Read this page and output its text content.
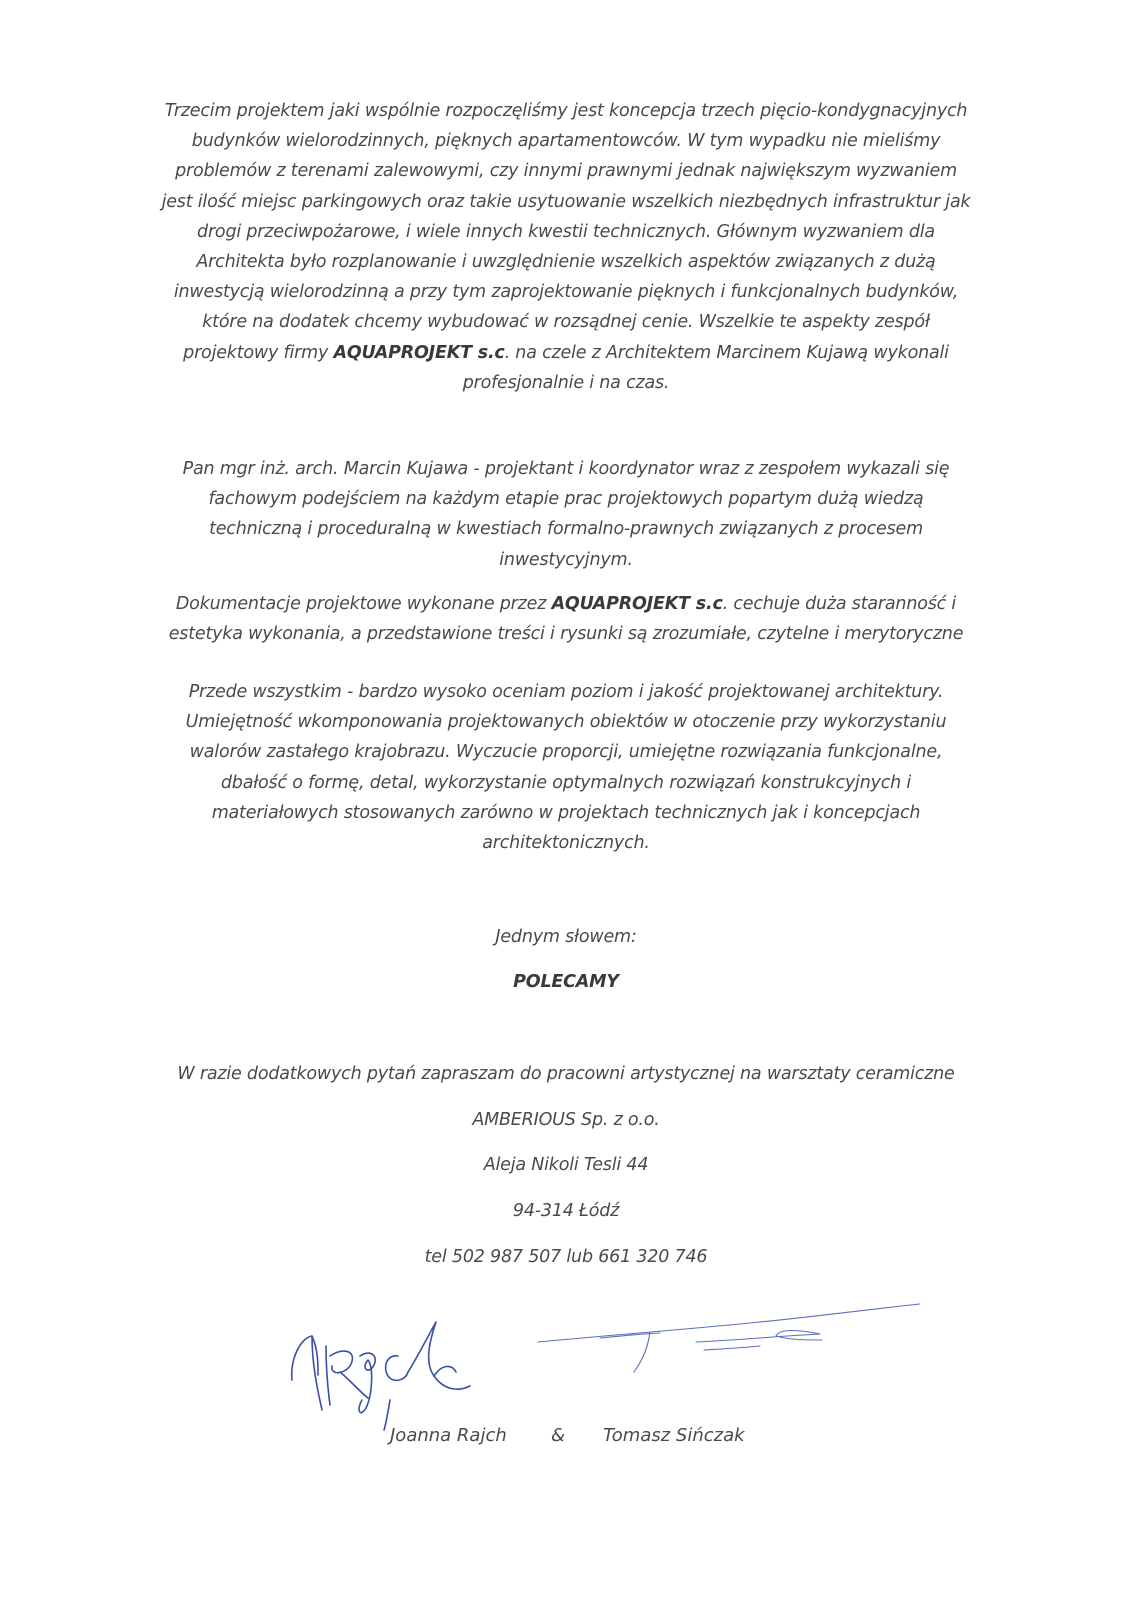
Trzecim projektem jaki wspólnie rozpoczęliśmy jest koncepcja trzech pięcio-kondygnacyjnych
budynków wielorodzinnych, pięknych apartamentowców. W tym wypadku nie mieliśmy
problemów z terenami zalewowymi, czy innymi prawnymi jednak największym wyzwaniem
jest ilość miejsc parkingowych oraz takie usytuowanie wszelkich niezbędnych infrastruktur jak
drogi przeciwpożarowe, i wiele innych kwestii technicznych. Głównym wyzwaniem dla
Architekta było rozplanowanie i uwzględnienie wszelkich aspektów związanych z dużą
inwestycją wielorodzinną a przy tym zaprojektowanie pięknych i funkcjonalnych budynków,
które na dodatek chcemy wybudować w rozsądnej cenie. Wszelkie te aspekty zespół
projektowy firmy AQUAPROJEKT s.c. na czele z Architektem Marcinem Kujawą wykonali
profesjonalnie i na czas.
Pan mgr inż. arch. Marcin Kujawa - projektant i koordynator wraz z zespołem wykazali się
fachowym podejściem na każdym etapie prac projektowych popartym dużą wiedzą
techniczną i proceduralną w kwestiach formalno-prawnych związanych z procesem
inwestycyjnym.
Dokumentacje projektowe wykonane przez AQUAPROJEKT s.c. cechuje duża staranność i
estetyka wykonania, a przedstawione treści i rysunki są zrozumiałe, czytelne i merytoryczne
Przede wszystkim - bardzo wysoko oceniam poziom i jakość projektowanej architektury.
Umiejętność wkomponowania projektowanych obiektów w otoczenie przy wykorzystaniu
walorów zastałego krajobrazu. Wyczucie proporcji, umiejętne rozwiązania funkcjonalne,
dbałość o formę, detal, wykorzystanie optymalnych rozwiązań konstrukcyjnych i
materiałowych stosowanych zarówno w projektach technicznych jak i koncepcjach
architektonicznych.
Jednym słowem:
POLECAMY
W razie dodatkowych pytań zapraszam do pracowni artystycznej na warsztaty ceramiczne
AMBERIOUS Sp. z o.o.
Aleja Nikoli Tesli 44
94-314 Łódź
tel 502 987 507 lub 661 320 746
Joanna Rajch & Tomasz Sińczak
